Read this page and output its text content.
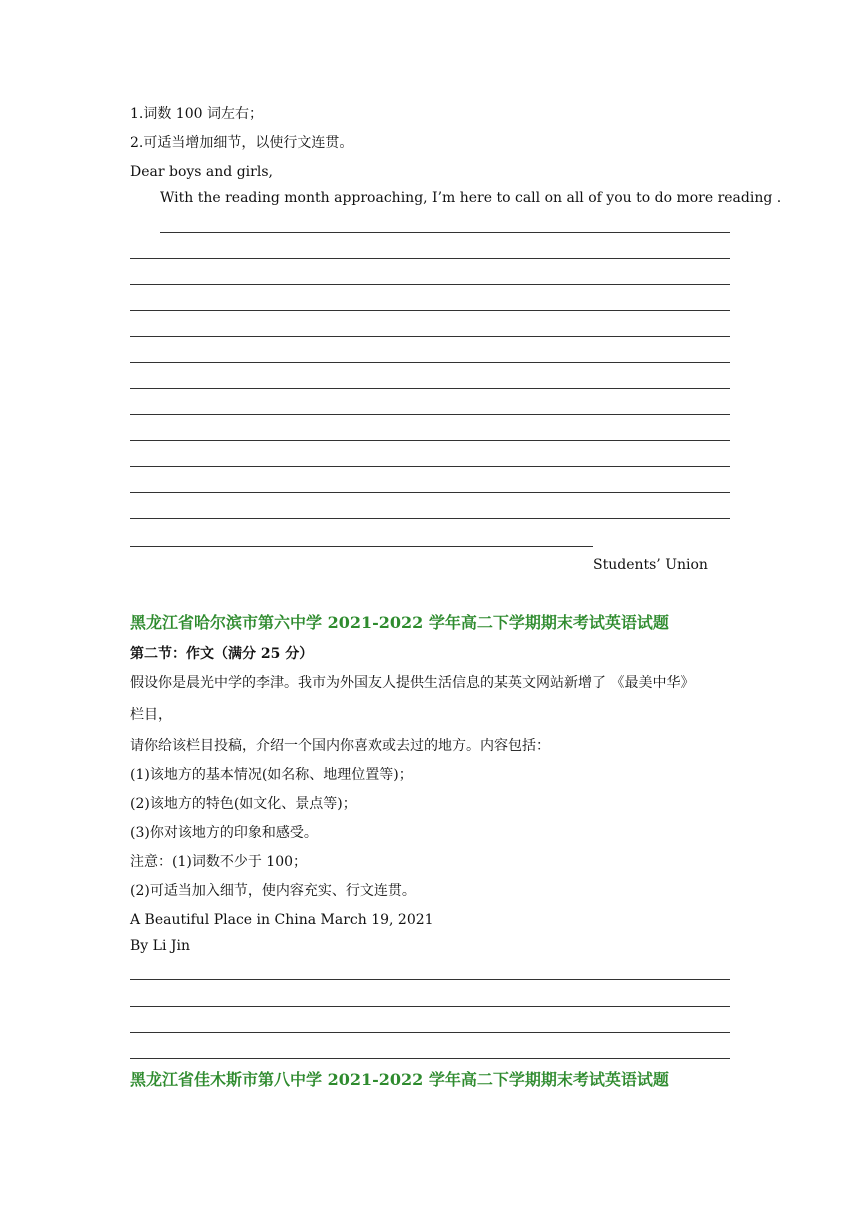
1.词数 100 词左右；
2.可适当增加细节，以使行文连贯。
Dear boys and girls,
With the reading month approaching, I’m here to call on all of you to do more reading .
Students’ Union
黑龙江省哈尔滨市第六中学 2021-2022 学年高二下学期期末考试英语试题
第二节：作文（满分 25 分）
假设你是晨光中学的李津。我市为外国友人提供生活信息的某英文网站新增了 《最美中华》
栏目，
请你给该栏目投稿，介绍一个国内你喜欢或去过的地方。内容包括：
(1)该地方的基本情况(如名称、地理位置等)；
(2)该地方的特色(如文化、景点等)；
(3)你对该地方的印象和感受。
注意：(1)词数不少于 100；
(2)可适当加入细节，使内容充实、行文连贯。
A Beautiful Place in China March 19, 2021
By Li Jin
黑龙江省佳木斯市第八中学 2021-2022 学年高二下学期期末考试英语试题
